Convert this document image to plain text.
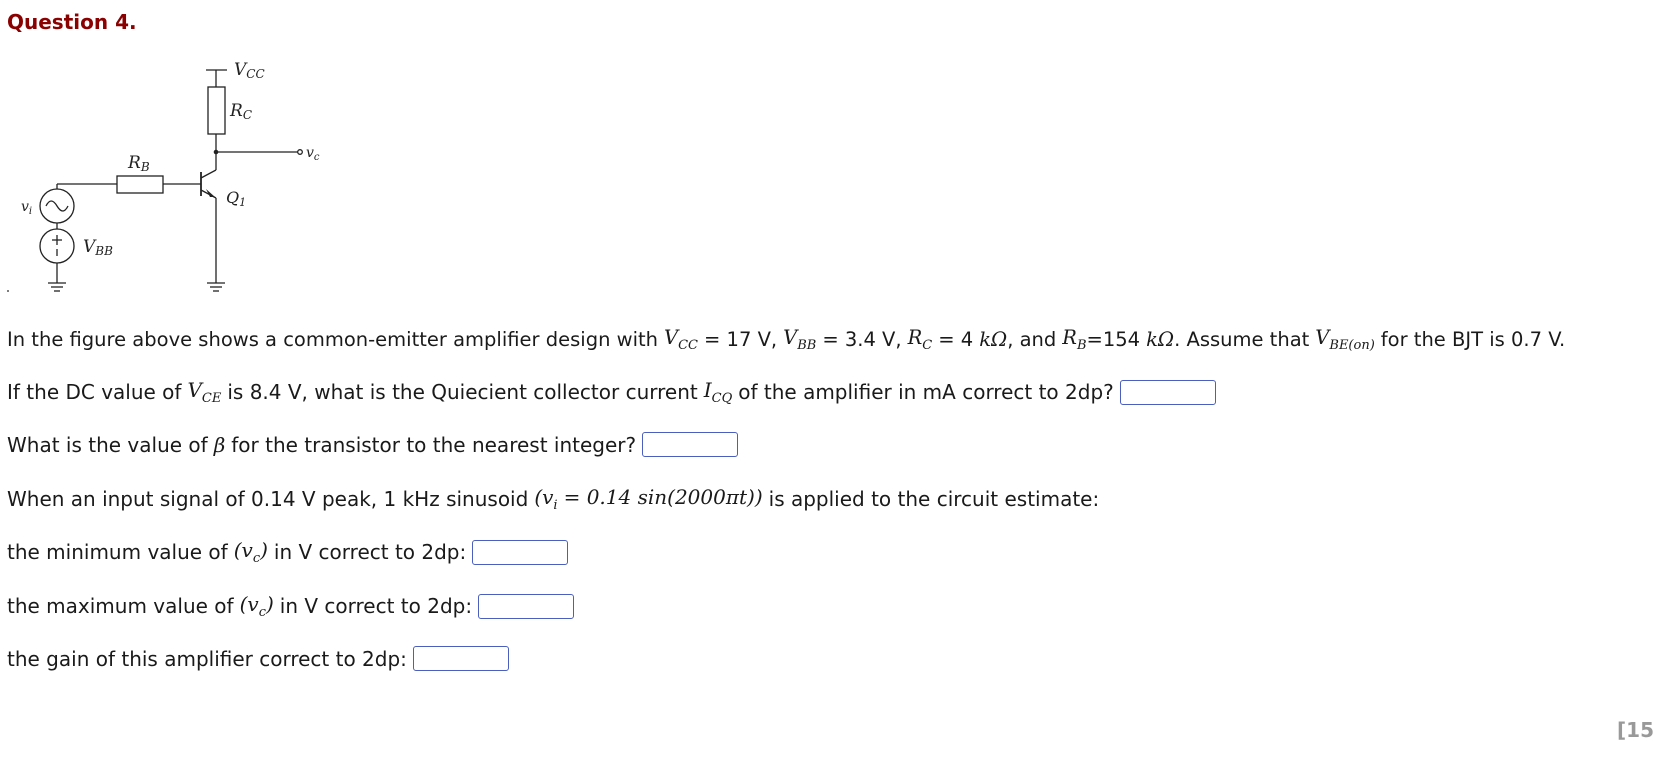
Question 4.
VCC
RC
RB
Q1
$v_c$
$v_i$
VBB
In the figure above shows a common-emitter amplifier design with $V_{CC} = 17$ V, $V_{BB} = 3.4$ V, $R_C = 4$ kΩ , and $R_B =154$ kΩ . Assume that $V_{BE(on)}$ for the BJT is 0.7 V.
If the DC value of $V_{CE}$ is 8.4 V, what is the Quiecient collector current $I_{CQ}$ of the amplifier in mA correct to 2dp?
What is the value of β for the transistor to the nearest integer?
When an input signal of 0.14 V peak, 1 kHz sinusoid ($v_i = 0.14$ sin(2000πt)) is applied to the circuit estimate:
the minimum value of $(v_c)$ in V correct to 2dp:
the maximum value of $(v_c)$ in V correct to 2dp:
the gain of this amplifier correct to 2dp:
[15
